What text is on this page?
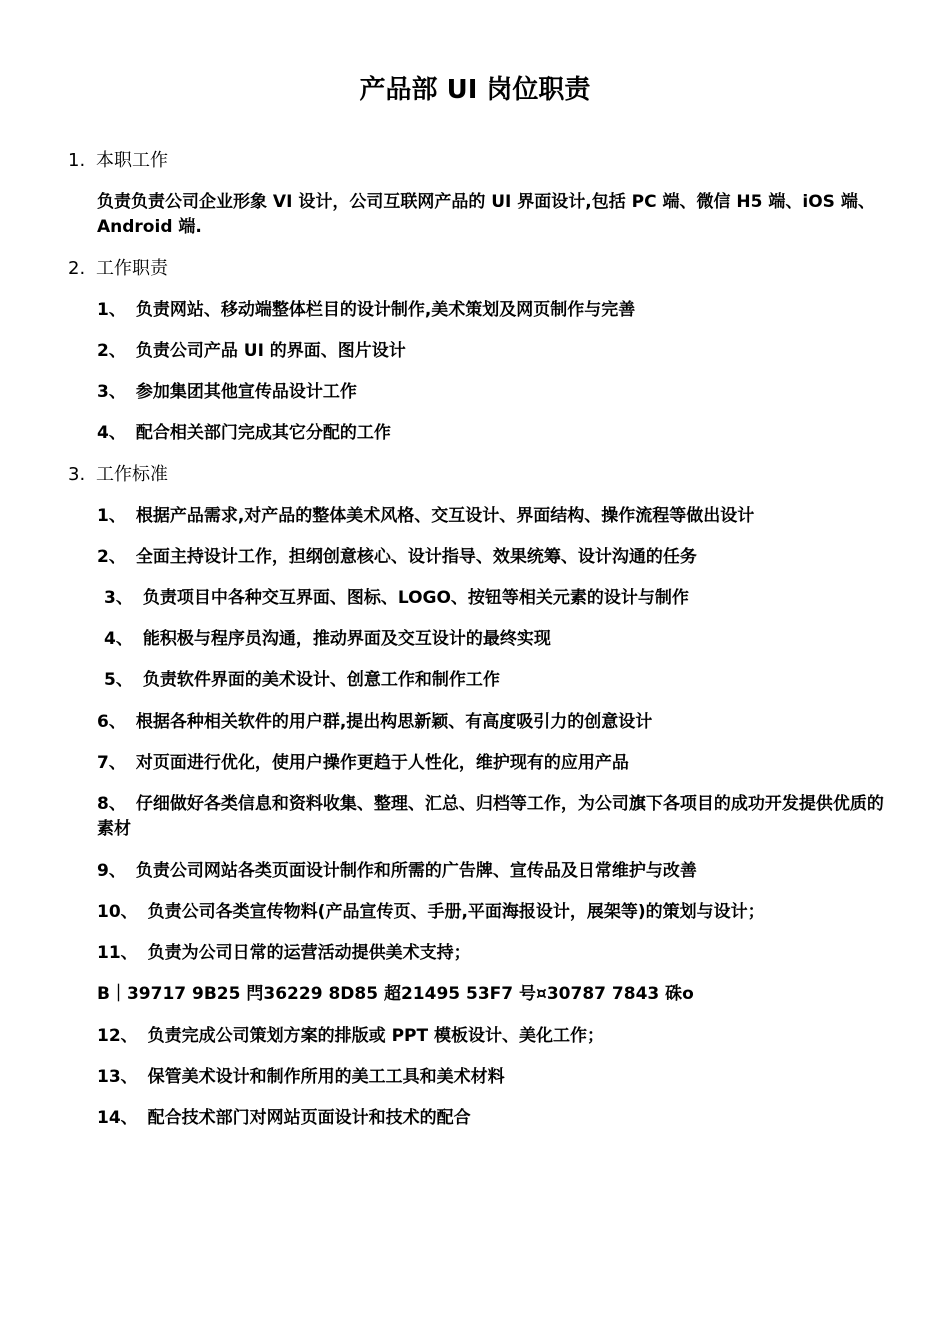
产品部 UI 岗位职责
1. 本职工作
负责负责公司企业形象 VI 设计，公司互联网产品的 UI 界面设计,包括 PC 端、微信 H5 端、iOS 端、Android 端.
2. 工作职责
1、 负责网站、移动端整体栏目的设计制作,美术策划及网页制作与完善
2、 负责公司产品 UI 的界面、图片设计
3、 参加集团其他宣传品设计工作
4、 配合相关部门完成其它分配的工作
3. 工作标准
1、 根据产品需求,对产品的整体美术风格、交互设计、界面结构、操作流程等做出设计
2、 全面主持设计工作，担纲创意核心、设计指导、效果统筹、设计沟通的任务
3、 负责项目中各种交互界面、图标、LOGO、按钮等相关元素的设计与制作
4、 能积极与程序员沟通，推动界面及交互设计的最终实现
5、 负责软件界面的美术设计、创意工作和制作工作
6、 根据各种相关软件的用户群,提出构思新颖、有高度吸引力的创意设计
7、 对页面进行优化，使用户操作更趋于人性化，维护现有的应用产品
8、 仔细做好各类信息和资料收集、整理、汇总、归档等工作，为公司旗下各项目的成功开发提供优质的 素材
9、 负责公司网站各类页面设计制作和所需的广告牌、宣传品及日常维护与改善
10、 负责公司各类宣传物料(产品宣传页、手册,平面海报设计，展架等)的策划与设计；
11、 负责为公司日常的运营活动提供美术支持；
B｜39717 9B25 閂36229 8D85 超21495 53F7 号¤30787 7843 硃o
12、 负责完成公司策划方案的排版或 PPT 模板设计、美化工作；
13、 保管美术设计和制作所用的美工工具和美术材料
14、 配合技术部门对网站页面设计和技术的配合
